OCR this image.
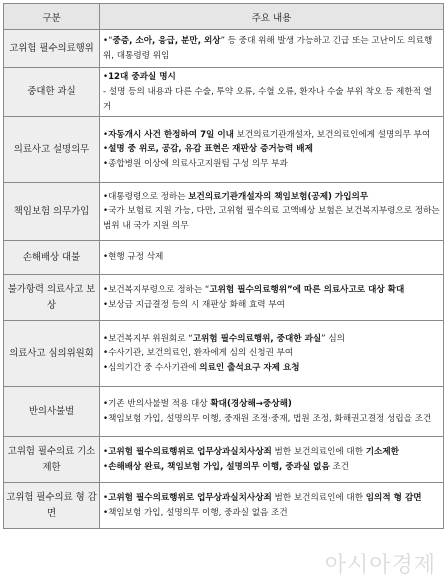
구분	주요 내용
고위험 필수의료행위	•“중증, 소아, 응급, 분만, 외상” 등 중대 위해 발생 가능하고 긴급 또는 고난이도 의료행위, 대통령령 위임

중대한 과실	•12대 중과실 명시
- 설명 등의 내용과 다른 수술, 투약 오류, 수혈 오류, 환자나 수술 부위 착오 등 제한적 열거

의료사고 설명의무	•자동개시 사건 한정하여 7일 이내 보건의료기관개설자, 보건의료인에게 설명의무 부여
•설명 중 위로, 공감, 유감 표현은 재판상 증거능력 배제
•종합병원 이상에 의료사고지원팀 구성 의무 부과

책임보험 의무가입	•대통령령으로 정하는 보건의료기관개설자의 책임보험(공제) 가입의무
•국가 보험료 지원 가능, 다만, 고위험 필수의료 고액배상 보험은 보건복지부령으로 정하는 범위 내 국가 지원 의무

손해배상 대불	•현행 규정 삭제

불가항력 의료사고 보상	•보건복지부령으로 정하는 “고위험 필수의료행위”에 따른 의료사고로 대상 확대
•보상금 지급결정 등의 시 재판상 화해 효력 부여

의료사고 심의위원회	•보건복지부 위원회로 “고위험 필수의료행위, 중대한 과실” 심의
•수사기관, 보건의료인, 환자에게 심의 신청권 부여
•심의기간 중 수사기관에 의료인 출석요구 자제 요청

반의사불벌	•기존 반의사불벌 적용 대상 확대(경상해→중상해)
•책임보험 가입, 설명의무 이행, 중재원 조정·중재, 법원 조정, 화해권고결정 성립을 조건

고위험 필수의료 기소제한	•고위험 필수의료행위로 업무상과실치사상죄 범한 보건의료인에 대한 기소제한
•손해배상 완료, 책임보험 가입, 설명의무 이행, 중과실 없음 조건

고위험 필수의료 형 감면	•고위험 필수의료행위로 업무상과실치사상죄 범한 보건의료인에 대한 임의적 형 감면
•책임보험 가입, 설명의무 이행, 중과실 없음 조건
아시아경제
